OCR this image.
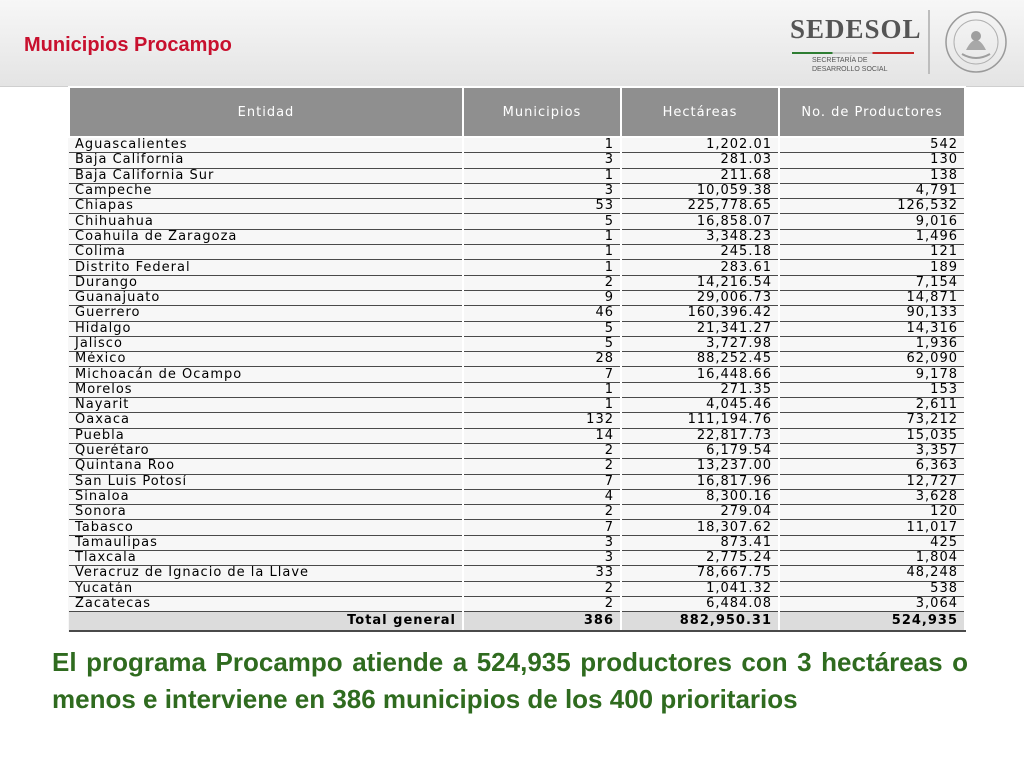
Municipios Procampo
SEDESOL
SECRETARÍA DE
DESARROLLO SOCIAL
Entidad	Municipios	Hectáreas	No. de Productores
Aguascalientes	1	1,202.01	542
Baja California	3	281.03	130
Baja California Sur	1	211.68	138
Campeche	3	10,059.38	4,791
Chiapas	53	225,778.65	126,532
Chihuahua	5	16,858.07	9,016
Coahuila de Zaragoza	1	3,348.23	1,496
Colima	1	245.18	121
Distrito Federal	1	283.61	189
Durango	2	14,216.54	7,154
Guanajuato	9	29,006.73	14,871
Guerrero	46	160,396.42	90,133
Hidalgo	5	21,341.27	14,316
Jalisco	5	3,727.98	1,936
México	28	88,252.45	62,090
Michoacán de Ocampo	7	16,448.66	9,178
Morelos	1	271.35	153
Nayarit	1	4,045.46	2,611
Oaxaca	132	111,194.76	73,212
Puebla	14	22,817.73	15,035
Querétaro	2	6,179.54	3,357
Quintana Roo	2	13,237.00	6,363
San Luis Potosí	7	16,817.96	12,727
Sinaloa	4	8,300.16	3,628
Sonora	2	279.04	120
Tabasco	7	18,307.62	11,017
Tamaulipas	3	873.41	425
Tlaxcala	3	2,775.24	1,804
Veracruz de Ignacio de la Llave	33	78,667.75	48,248
Yucatán	2	1,041.32	538
Zacatecas	2	6,484.08	3,064
Total general	386	882,950.31	524,935
El programa Procampo atiende a 524,935 productores con 3 hectáreas o menos e interviene en 386 municipios de los 400 prioritarios
